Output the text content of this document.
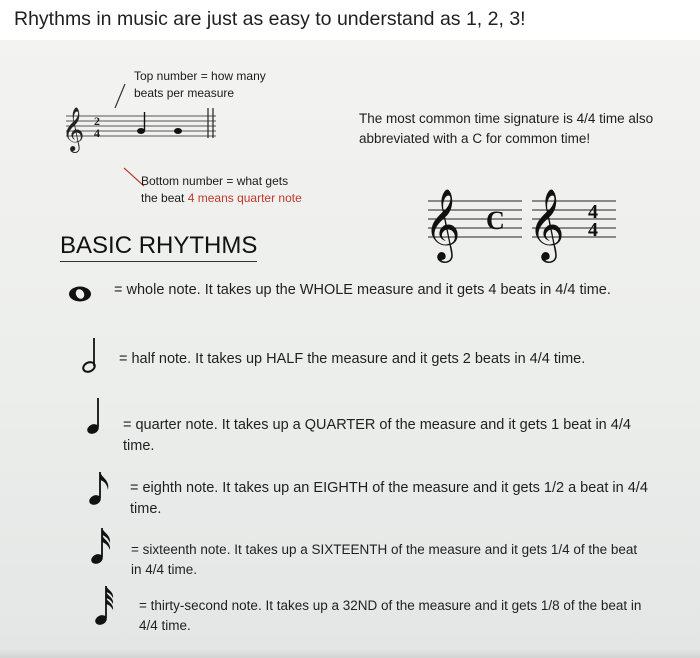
Rhythms in music are just as easy to understand as 1, 2, 3!
Top number = how many
beats per measure
𝄞 2
4
Bottom number = what gets
the beat 4 means quarter note
The most common time signature is 4/4 time also abbreviated with a C for common time!
𝄞 C 𝄞 4
4
BASIC RHYTHMS
= whole note. It takes up the WHOLE measure and it gets 4 beats in 4/4 time.
= half note. It takes up HALF the measure and it gets 2 beats in 4/4 time.
= quarter note. It takes up a QUARTER of the measure and it gets 1 beat in 4/4 time.
= eighth note. It takes up an EIGHTH of the measure and it gets 1/2 a beat in 4/4 time.
= sixteenth note. It takes up a SIXTEENTH of the measure and it gets 1/4 of the beat in 4/4 time.
= thirty-second note. It takes up a 32ND of the measure and it gets 1/8 of the beat in 4/4 time.
